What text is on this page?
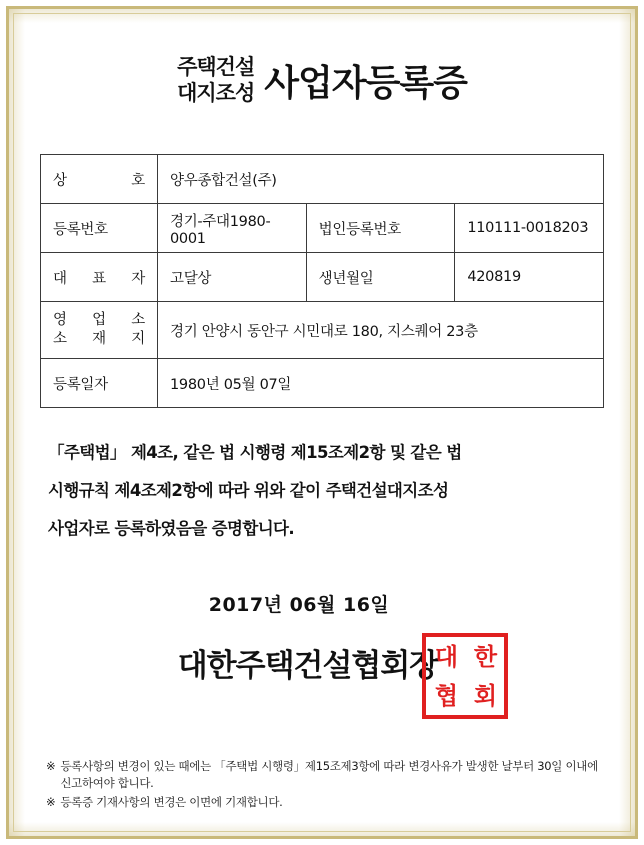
주택건설
대지조성 사업자등록증
상 호	양우종합건설(주)		
등록번호	경기-주대1980-0001	법인등록번호	110111-0018203
대 표 자	고달상	생년월일	420819

영 업 소
소 재 지	경기 안양시 동안구 시민대로 180, 지스퀘어 23층		
등록일자	1980년 05월 07일		
「주택법」 제4조, 같은 법 시행령 제15조제2항 및 같은 법
시행규칙 제4조제2항에 따라 위와 같이 주택건설대지조성
사업자로 등록하였음을 증명합니다.
2017년 06월 16일
대한주택건설협회장
대 한
협 회
※ 등록사항의 변경이 있는 때에는 「주택법 시행령」제15조제3항에 따라 변경사유가 발생한 날부터 30일 이내에 신고하여야 합니다.
※ 등록증 기재사항의 변경은 이면에 기재합니다.
